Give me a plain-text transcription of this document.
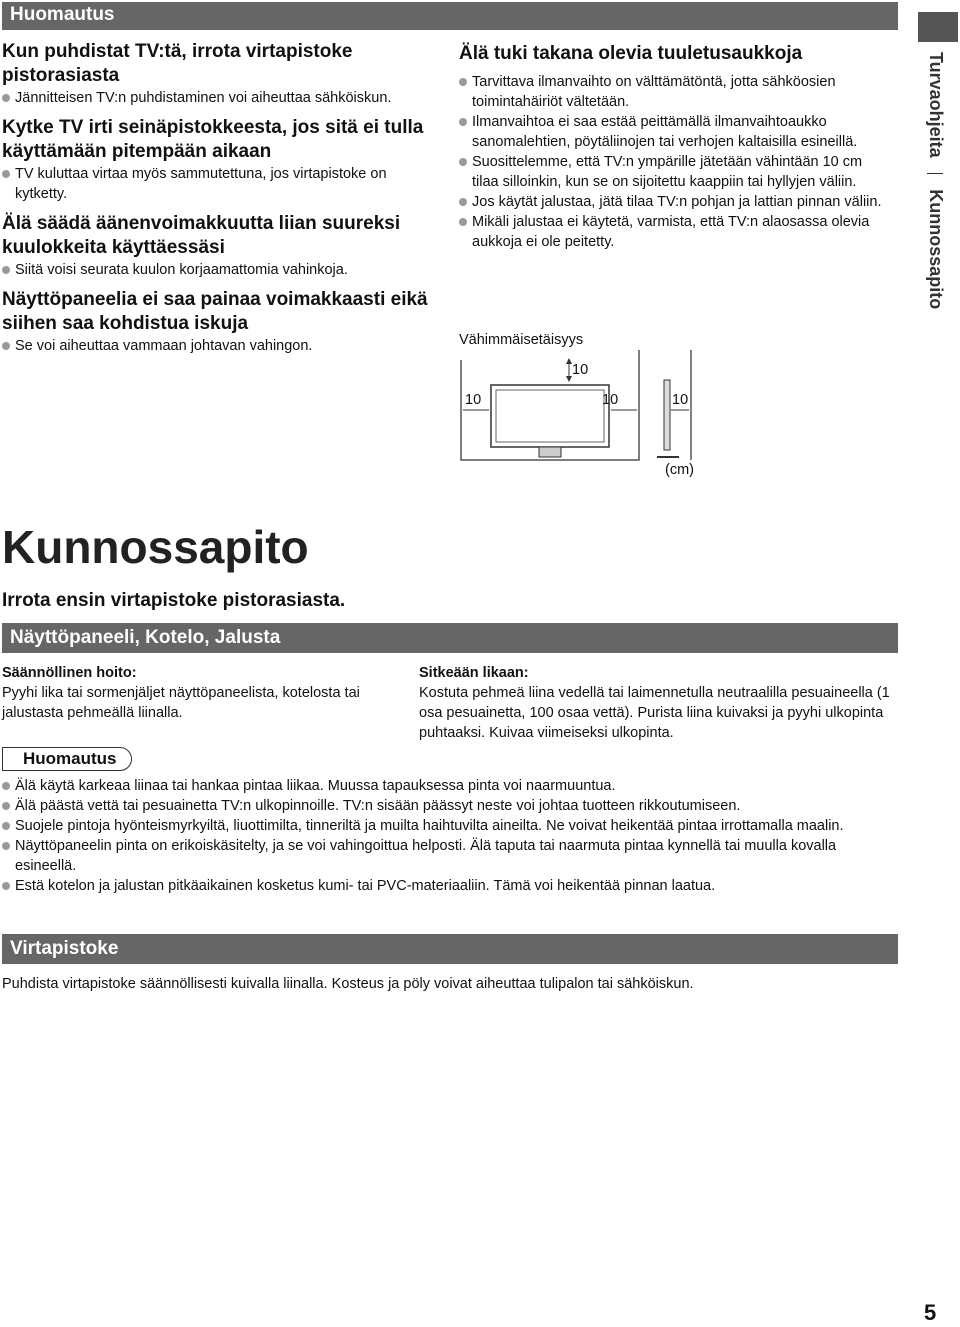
Huomautus
Kun puhdistat TV:tä, irrota virtapistoke pistorasiasta
Jännitteisen TV:n puhdistaminen voi aiheuttaa sähköiskun.
Kytke TV irti seinäpistokkeesta, jos sitä ei tulla käyttämään pitempään aikaan
TV kuluttaa virtaa myös sammutettuna, jos virtapistoke on kytketty.
Älä säädä äänenvoimakkuutta liian suureksi kuulokkeita käyttäessäsi
Siitä voisi seurata kuulon korjaamattomia vahinkoja.
Näyttöpaneelia ei saa painaa voimakkaasti eikä siihen saa kohdistua iskuja
Se voi aiheuttaa vammaan johtavan vahingon.
Älä tuki takana olevia tuuletusaukkoja
Tarvittava ilmanvaihto on välttämätöntä, jotta sähköosien toimintahäiriöt vältetään.
Ilmanvaihtoa ei saa estää peittämällä ilmanvaihtoaukko sanomalehtien, pöytäliinojen tai verhojen kaltaisilla esineillä.
Suosittelemme, että TV:n ympärille jätetään vähintään 10 cm tilaa silloinkin, kun se on sijoitettu kaappiin tai hyllyjen väliin.
Jos käytät jalustaa, jätä tilaa TV:n pohjan ja lattian pinnan väliin.
Mikäli jalustaa ei käytetä, varmista, että TV:n alaosassa olevia aukkoja ei ole peitetty.
Vähimmäisetäisyys
10
10	10	10
(cm)
Turvaohjeita  Kunnossapito
Kunnossapito
Irrota ensin virtapistoke pistorasiasta.
Näyttöpaneeli, Kotelo, Jalusta
Säännöllinen hoito:
Pyyhi lika tai sormenjäljet näyttöpaneelista, kotelosta tai jalustasta pehmeällä liinalla.
Sitkeään likaan:
Kostuta pehmeä liina vedellä tai laimennetulla neutraalilla pesuaineella (1 osa pesuainetta, 100 osaa vettä). Purista liina kuivaksi ja pyyhi ulkopinta puhtaaksi. Kuivaa viimeiseksi ulkopinta.
Huomautus
Älä käytä karkeaa liinaa tai hankaa pintaa liikaa. Muussa tapauksessa pinta voi naarmuuntua.
Älä päästä vettä tai pesuainetta TV:n ulkopinnoille. TV:n sisään päässyt neste voi johtaa tuotteen rikkoutumiseen.
Suojele pintoja hyönteismyrkyiltä, liuottimilta, tinneriltä ja muilta haihtuvilta aineilta. Ne voivat heikentää pintaa irrottamalla maalin.
Näyttöpaneelin pinta on erikoiskäsitelty, ja se voi vahingoittua helposti. Älä taputa tai naarmuta pintaa kynnellä tai muulla kovalla esineellä.
Estä kotelon ja jalustan pitkäaikainen kosketus kumi- tai PVC-materiaaliin. Tämä voi heikentää pinnan laatua.
Virtapistoke
Puhdista virtapistoke säännöllisesti kuivalla liinalla. Kosteus ja pöly voivat aiheuttaa tulipalon tai sähköiskun.
5
